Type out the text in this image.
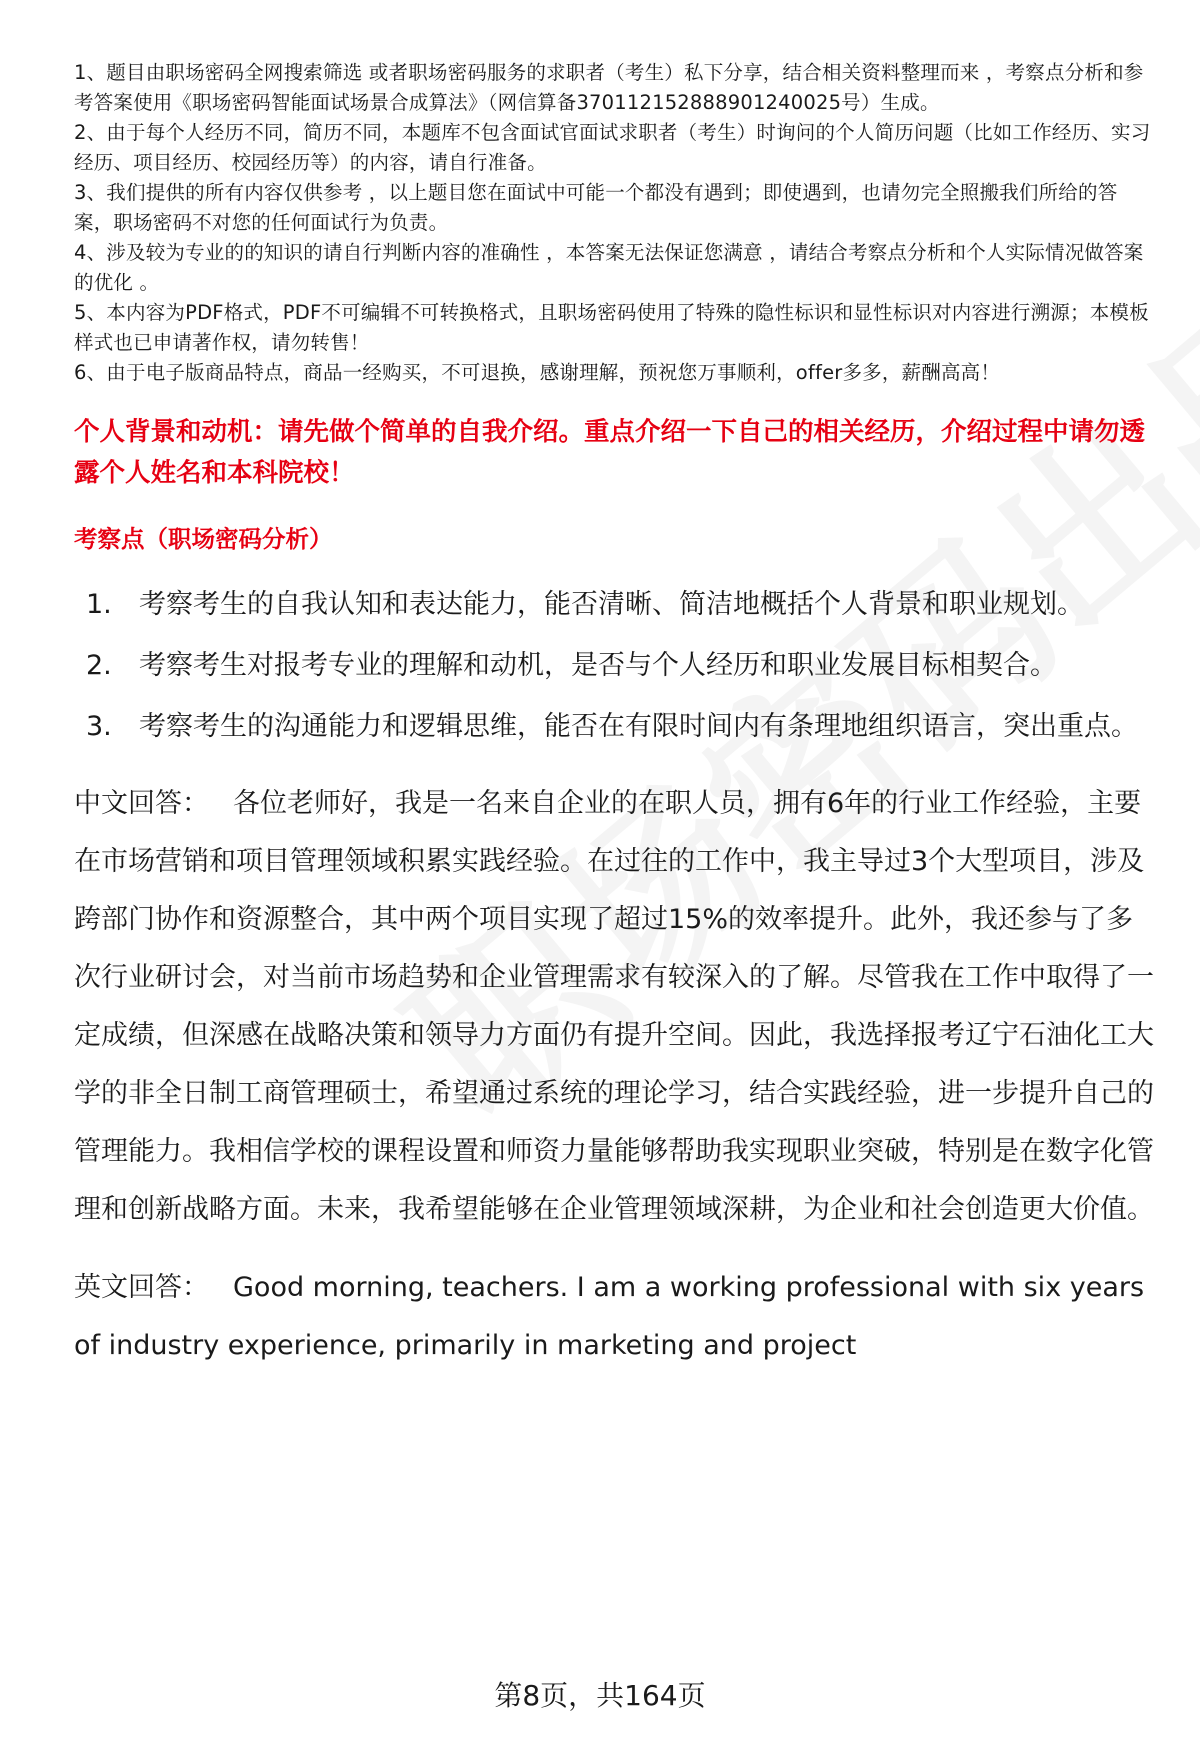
1、题目由职场密码全网搜索筛选 或者职场密码服务的求职者（考生）私下分享，结合相关资料整理而来 ，考察点分析和参考答案使用《职场密码智能面试场景合成算法》（网信算备370112152888901240025号）生成。

2、由于每个人经历不同，简历不同，本题库不包含面试官面试求职者（考生）时询问的个人简历问题（比如工作经历、实习经历、项目经历、校园经历等）的内容，请自行准备。

3、我们提供的所有内容仅供参考 ，以上题目您在面试中可能一个都没有遇到；即使遇到，也请勿完全照搬我们所给的答案，职场密码不对您的任何面试行为负责。

4、涉及较为专业的的知识的请自行判断内容的准确性 ，本答案无法保证您满意 ，请结合考察点分析和个人实际情况做答案的优化 。

5、本内容为PDF格式，PDF不可编辑不可转换格式，且职场密码使用了特殊的隐性标识和显性标识对内容进行溯源；本模板样式也已申请著作权，请勿转售！

6、由于电子版商品特点，商品一经购买，不可退换，感谢理解，预祝您万事顺利，offer多多，薪酬高高！

个人背景和动机：请先做个简单的自我介绍。重点介绍一下自己的相关经历，介绍过程中请勿透露个人姓名和本科院校！
考察点（职场密码分析）
1.	考察考生的自我认知和表达能力，能否清晰、简洁地概括个人背景和职业规划。
2.	考察考生对报考专业的理解和动机，是否与个人经历和职业发展目标相契合。
3.	考察考生的沟通能力和逻辑思维，能否在有限时间内有条理地组织语言，突出重点。
中文回答： 各位老师好，我是一名来自企业的在职人员，拥有6年的行业工作经验，主要在市场营销和项目管理领域积累实践经验。在过往的工作中，我主导过3个大型项目，涉及跨部门协作和资源整合，其中两个项目实现了超过15%的效率提升。此外，我还参与了多次行业研讨会，对当前市场趋势和企业管理需求有较深入的了解。尽管我在工作中取得了一定成绩，但深感在战略决策和领导力方面仍有提升空间。因此，我选择报考辽宁石油化工大学的非全日制工商管理硕士，希望通过系统的理论学习，结合实践经验，进一步提升自己的管理能力。我相信学校的课程设置和师资力量能够帮助我实现职业突破，特别是在数字化管理和创新战略方面。未来，我希望能够在企业管理领域深耕，为企业和社会创造更大价值。
英文回答： Good morning, teachers. I am a working professional with six years of industry experience, primarily in marketing and project
第8页，共164页
